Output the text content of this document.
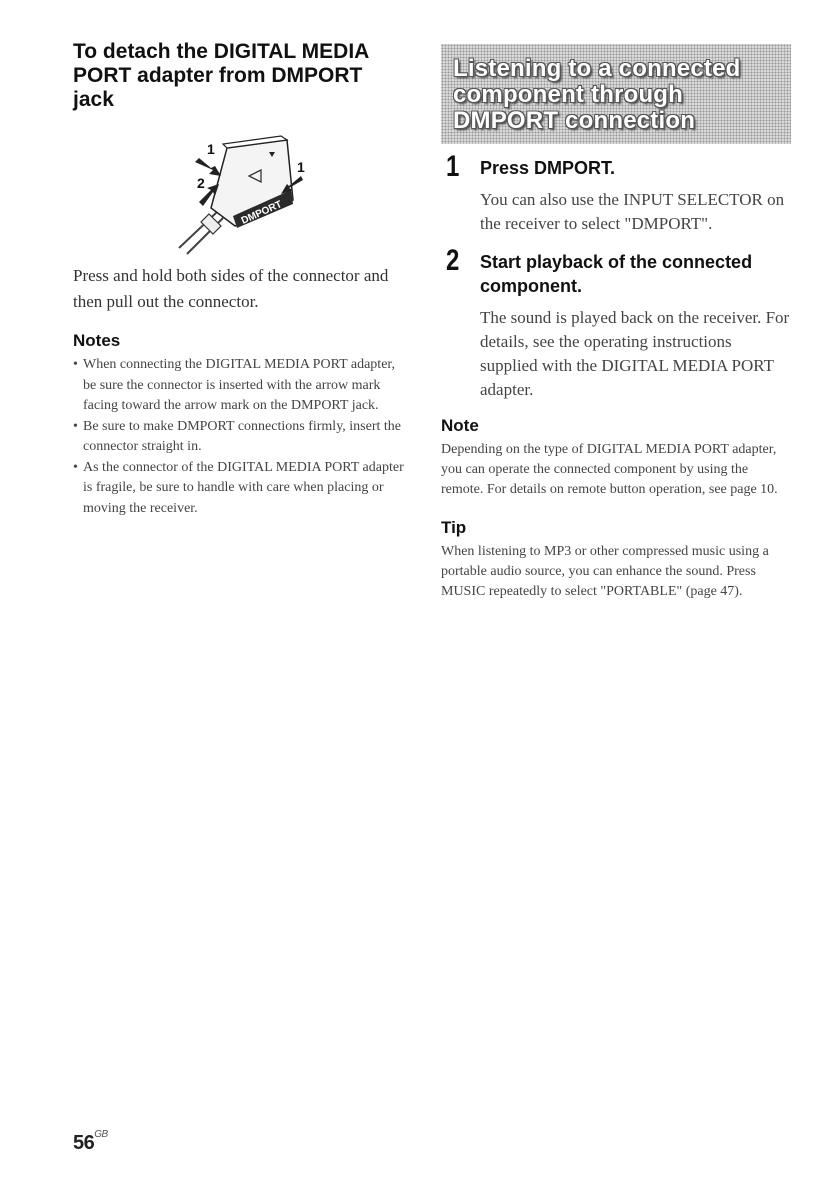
To detach the DIGITAL MEDIA PORT adapter from DMPORT jack
DMPORT
1
2
1

Press and hold both sides of the connector and then pull out the connector.

Notes
• When connecting the DIGITAL MEDIA PORT adapter, be sure the connector is inserted with the arrow mark facing toward the arrow mark on the DMPORT jack.
• Be sure to make DMPORT connections firmly, insert the connector straight in.
• As the connector of the DIGITAL MEDIA PORT adapter is fragile, be sure to handle with care when placing or moving the receiver.
Listening to a connected component through DMPORT connection
1 Press DMPORT.

You can also use the INPUT SELECTOR on the receiver to select "DMPORT".

2 Start playback of the connected component.

The sound is played back on the receiver. For details, see the operating instructions supplied with the DIGITAL MEDIA PORT adapter.

Note

Depending on the type of DIGITAL MEDIA PORT adapter, you can operate the connected component by using the remote. For details on remote button operation, see page 10.

Tip

When listening to MP3 or other compressed music using a portable audio source, you can enhance the sound. Press MUSIC repeatedly to select "PORTABLE" (page 47).

$56^{GB}$
